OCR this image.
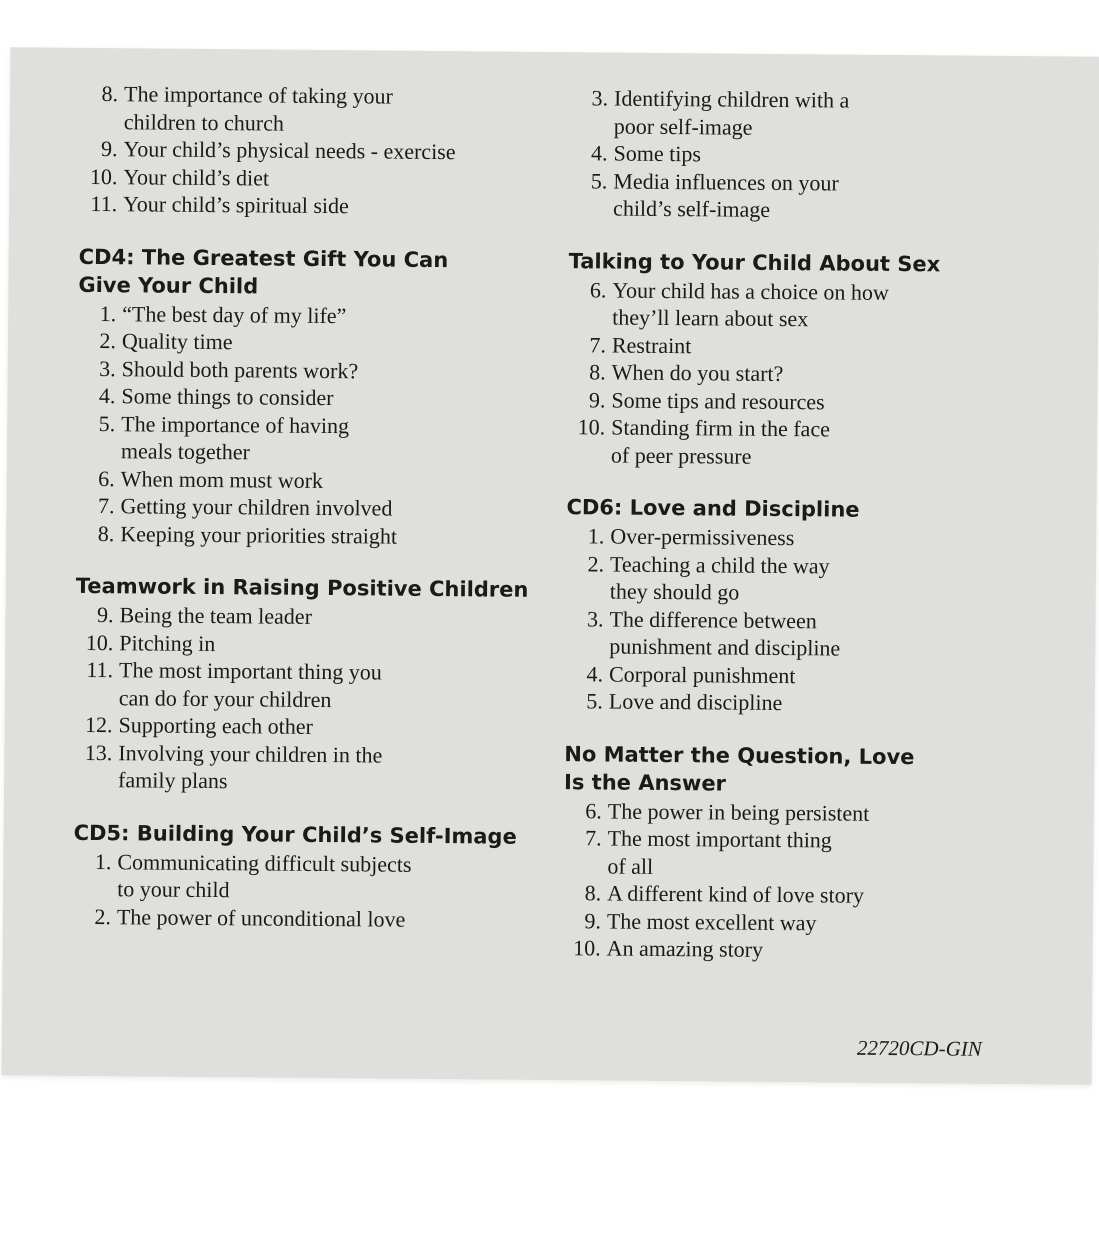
8. The importance of taking your
children to church
9. Your child’s physical needs - exercise
10. Your child’s diet
11. Your child’s spiritual side
CD4: The Greatest Gift You Can
Give Your Child
1. “The best day of my life”
2. Quality time
3. Should both parents work?
4. Some things to consider
5. The importance of having
meals together
6. When mom must work
7. Getting your children involved
8. Keeping your priorities straight
Teamwork in Raising Positive Children
9. Being the team leader
10. Pitching in
11. The most important thing you
can do for your children
12. Supporting each other
13. Involving your children in the
family plans
CD5: Building Your Child’s Self-Image
1. Communicating difficult subjects
to your child
2. The power of unconditional love
3. Identifying children with a
poor self-image
4. Some tips
5. Media influences on your
child’s self-image
Talking to Your Child About Sex
6. Your child has a choice on how
they’ll learn about sex
7. Restraint
8. When do you start?
9. Some tips and resources
10. Standing firm in the face
of peer pressure
CD6: Love and Discipline
1. Over-permissiveness
2. Teaching a child the way
they should go
3. The difference between
punishment and discipline
4. Corporal punishment
5. Love and discipline
No Matter the Question, Love
Is the Answer
6. The power in being persistent
7. The most important thing
of all
8. A different kind of love story
9. The most excellent way
10. An amazing story
22720CD-GIN
